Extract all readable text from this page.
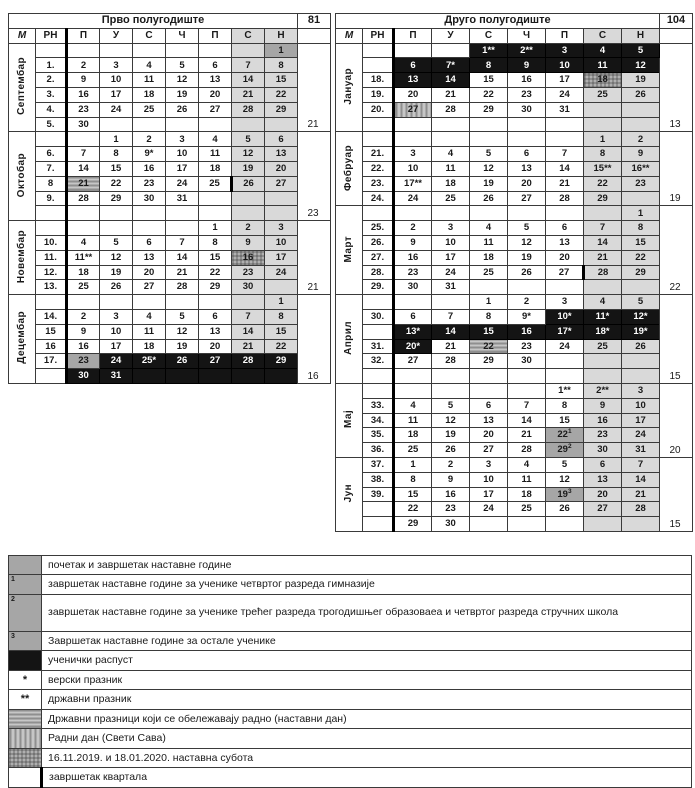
Прво полугодиште									81
М	РН	П	У	С	Ч	П	С	Н	
Септембар								1	21
	1.	2	3	4	5	6	7	8	
	2.	9	10	11	12	13	14	15	
	3.	16	17	18	19	20	21	22	
	4.	23	24	25	26	27	28	29	
	5.	30							
Октобар			1	2	3	4	5	6	23
	6.	7	8	9*	10	11	12	13	
	7.	14	15	16	17	18	19	20	
	8	21	22	23	24	25	26	27	
	9.	28	29	30	31				

Новембар						1	2	3	21
	10.	4	5	6	7	8	9	10	
	11.	11**	12	13	14	15	16	17	
	12.	18	19	20	21	22	23	24	
	13.	25	26	27	28	29	30		
Децембар								1	16
	14.	2	3	4	5	6	7	8	
	15	9	10	11	12	13	14	15	
	16	16	17	18	19	20	21	22	
	17.	23	24	25*	26	27	28	29	
		30	31						
Друго полугодиште									104
М	РН	П	У	С	Ч	П	С	Н	
Јануар				1**	2**	3	4	5	13
		6	7*	8	9	10	11	12	
	18.	13	14	15	16	17	18	19	
	19.	20	21	22	23	24	25	26	
	20.	27	28	29	30	31			

Фебруар							1	2	19
	21.	3	4	5	6	7	8	9	
	22.	10	11	12	13	14	15**	16**	
	23.	17**	18	19	20	21	22	23	
	24.	24	25	26	27	28	29		
Март								1	22
	25.	2	3	4	5	6	7	8	
	26.	9	10	11	12	13	14	15	
	27.	16	17	18	19	20	21	22	
	28.	23	24	25	26	27	28	29	
	29.	30	31						
Април				1	2	3	4	5	15
	30.	6	7	8	9*	10*	11*	12*	
		13*	14	15	16	17*	18*	19*	
	31.	20*	21	22	23	24	25	26	
	32.	27	28	29	30				

Мај						1**	2**	3	20
	33.	4	5	6	7	8	9	10	
	34.	11	12	13	14	15	16	17	
	35.	18	19	20	21	$22^1$	23	24	
	36.	25	26	27	28	$29^2$	30	31	
Јун	37.	1	2	3	4	5	6	7	15
	38.	8	9	10	11	12	13	14	
	39.	15	16	17	18	$19^3$	20	21	
		22	23	24	25	26	27	28	
		29	30						
	почетак и завршетак наставне године

1	завршетак наставне године за ученике четвртог разреда гимназије

2	завршетак наставне године за ученике трећег разреда трогодишњег образоваеа и четвртог разреда стручних школа

3	Завршетак наставне године за остале ученике
	ученички распуст
*	верски празник
**	државни празник
	Државни празници који се обележавају радно (наставни дан)
	Радни дан (Свети Сава)
	16.11.2019. и 18.01.2020. наставна субота
	завршетак квартала
